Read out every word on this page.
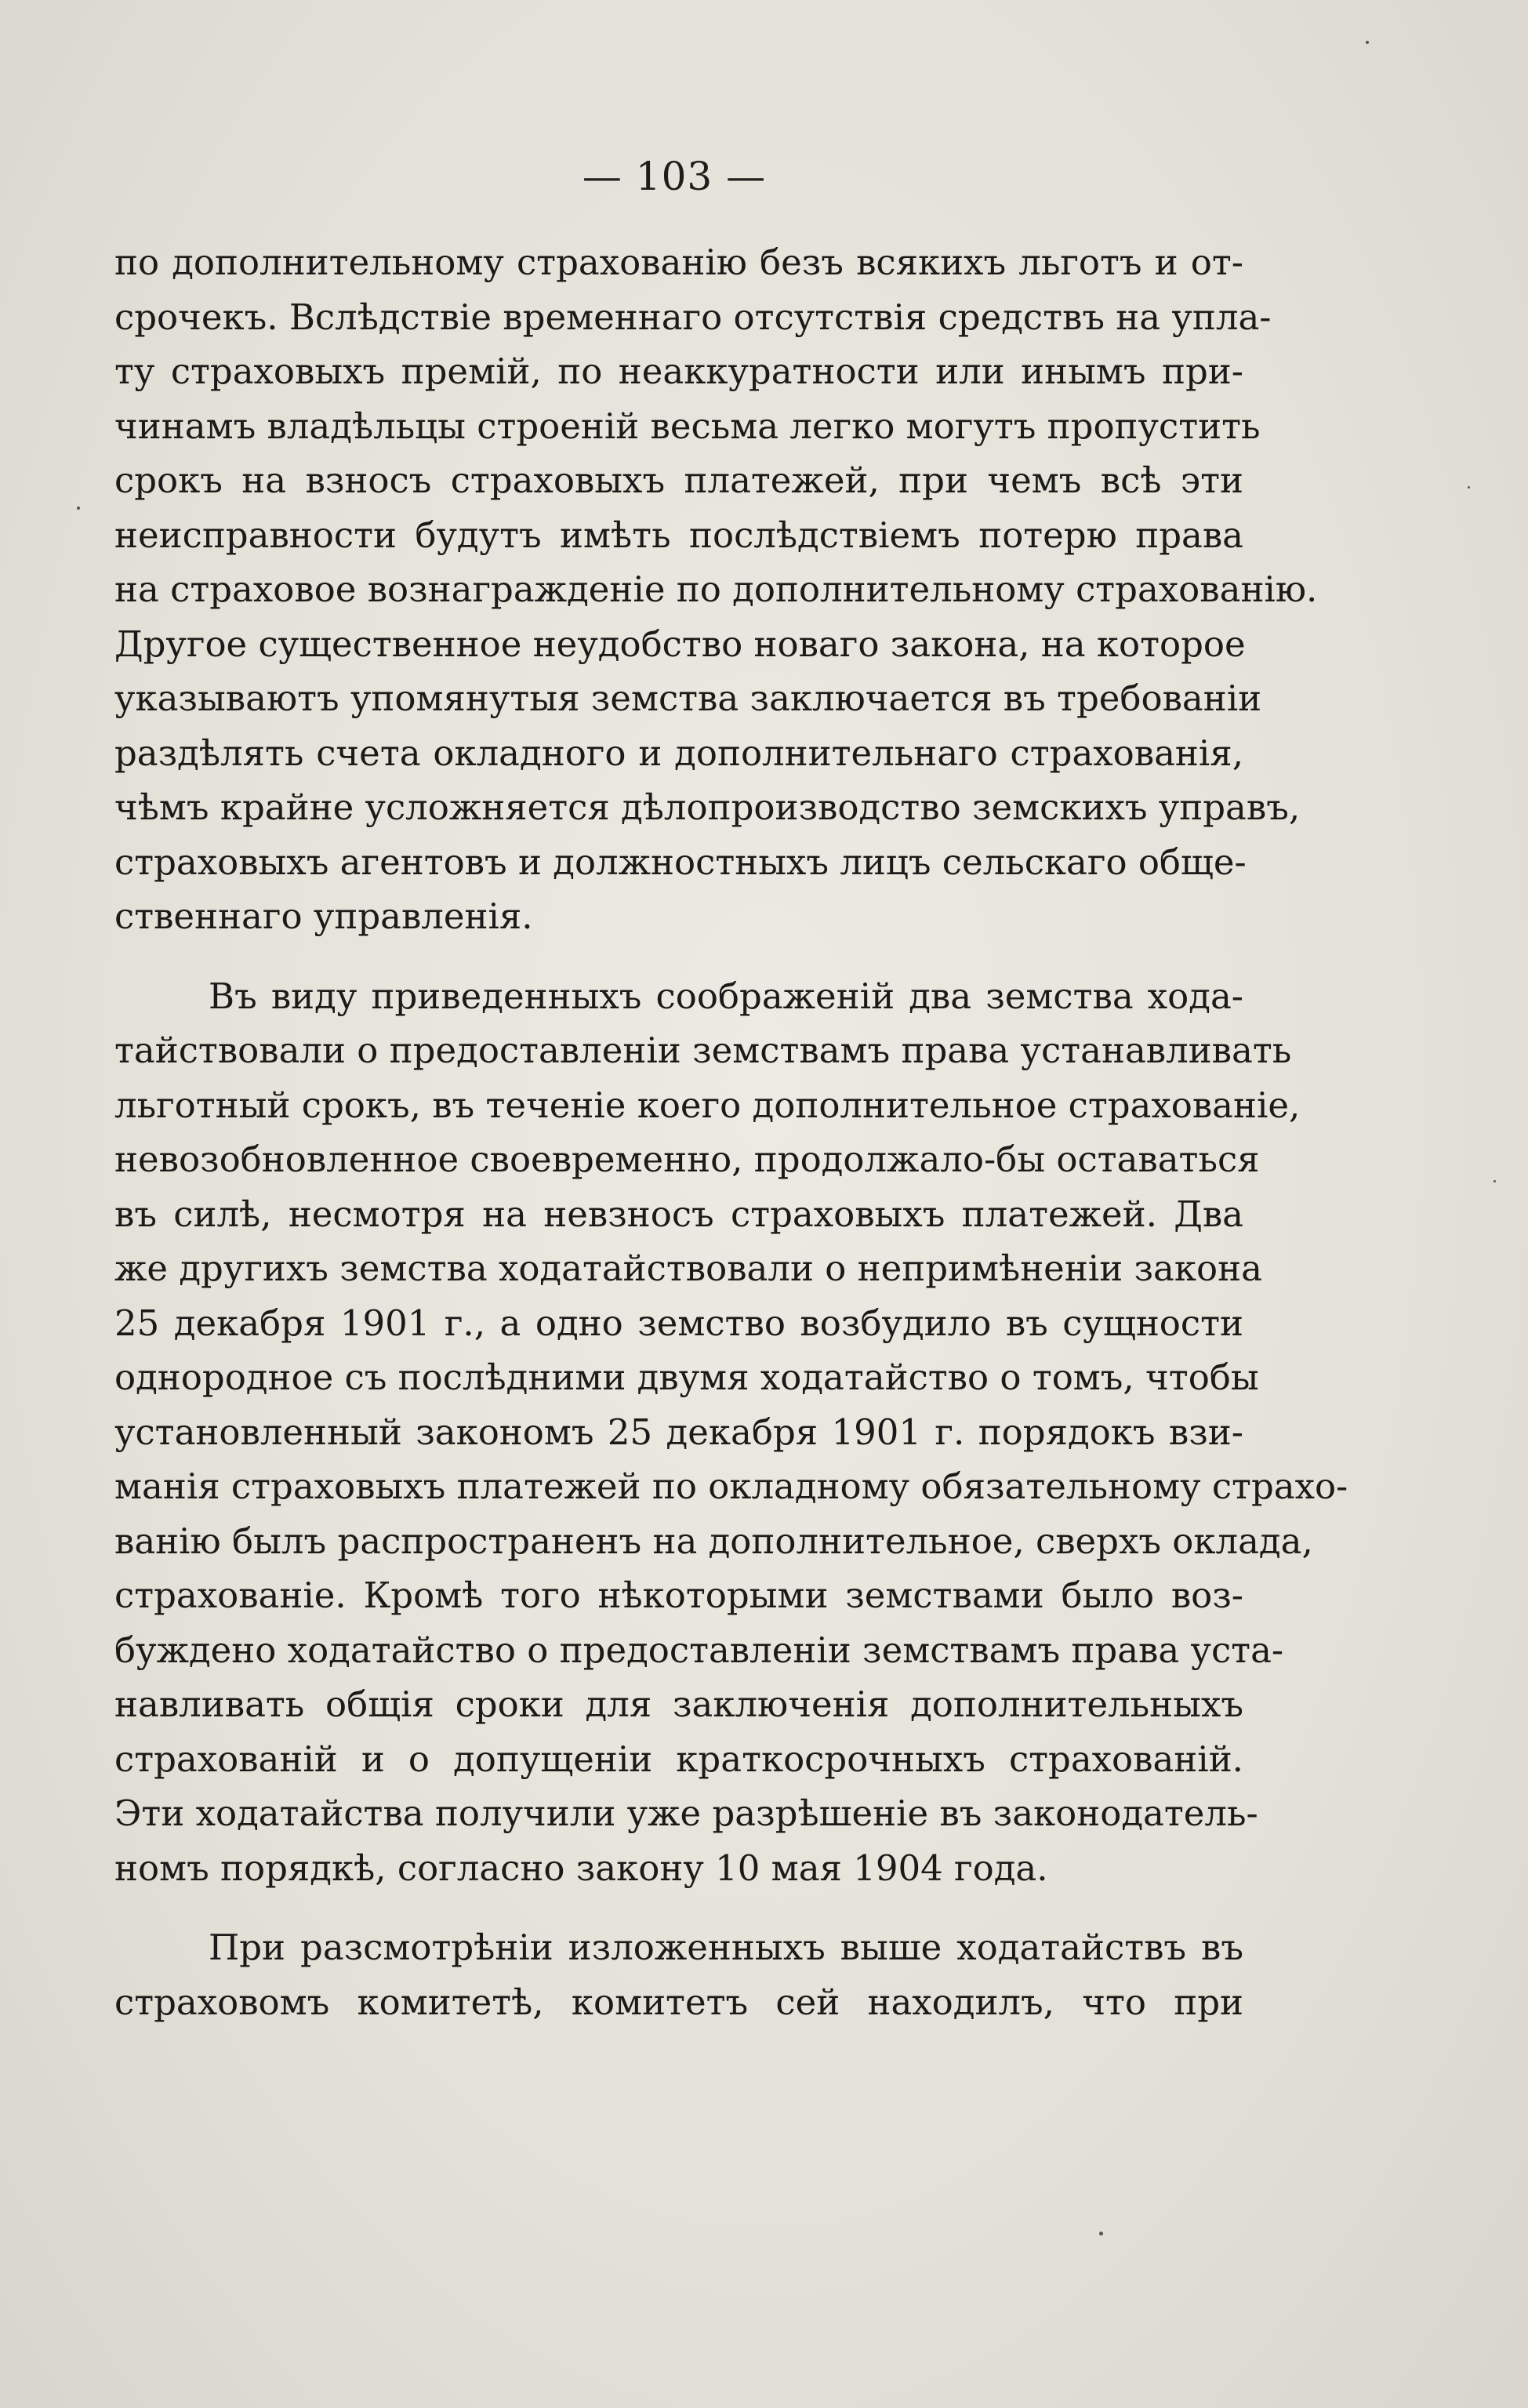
— 103 —
по дополнительному страхованію безъ всякихъ льготъ и от-
срочекъ. Вслѣдствіе временнаго отсутствія средствъ на упла-
ту страховыхъ премій, по неаккуратности или инымъ при-
чинамъ владѣльцы строеній весьма легко могутъ пропустить
срокъ на взносъ страховыхъ платежей, при чемъ всѣ эти
неисправности будутъ имѣть послѣдствіемъ потерю права
на страховое вознагражденіе по дополнительному страхованію.
Другое существенное неудобство новаго закона, на которое
указываютъ упомянутыя земства заключается въ требованіи
раздѣлять счета окладного и дополнительнаго страхованія,
чѣмъ крайне усложняется дѣлопроизводство земскихъ управъ,
страховыхъ агентовъ и должностныхъ лицъ сельскаго обще-
ственнаго управленія.
Въ виду приведенныхъ соображеній два земства хода-
тайствовали о предоставленіи земствамъ права устанавливать
льготный срокъ, въ теченіе коего дополнительное страхованіе,
невозобновленное своевременно, продолжало-бы оставаться
въ силѣ, несмотря на невзносъ страховыхъ платежей. Два
же другихъ земства ходатайствовали о непримѣненіи закона
25 декабря 1901 г., а одно земство возбудило въ сущности
однородное съ послѣдними двумя ходатайство о томъ, чтобы
установленный закономъ 25 декабря 1901 г. порядокъ взи-
манія страховыхъ платежей по окладному обязательному страхо-
ванію былъ распространенъ на дополнительное, сверхъ оклада,
страхованіе. Кромѣ того нѣкоторыми земствами было воз-
буждено ходатайство о предоставленіи земствамъ права уста-
навливать общія сроки для заключенія дополнительныхъ
страхованій и о допущеніи краткосрочныхъ страхованій.
Эти ходатайства получили уже разрѣшеніе въ законодатель-
номъ порядкѣ, согласно закону 10 мая 1904 года.
При разсмотрѣніи изложенныхъ выше ходатайствъ въ
страховомъ комитетѣ, комитетъ сей находилъ, что при
